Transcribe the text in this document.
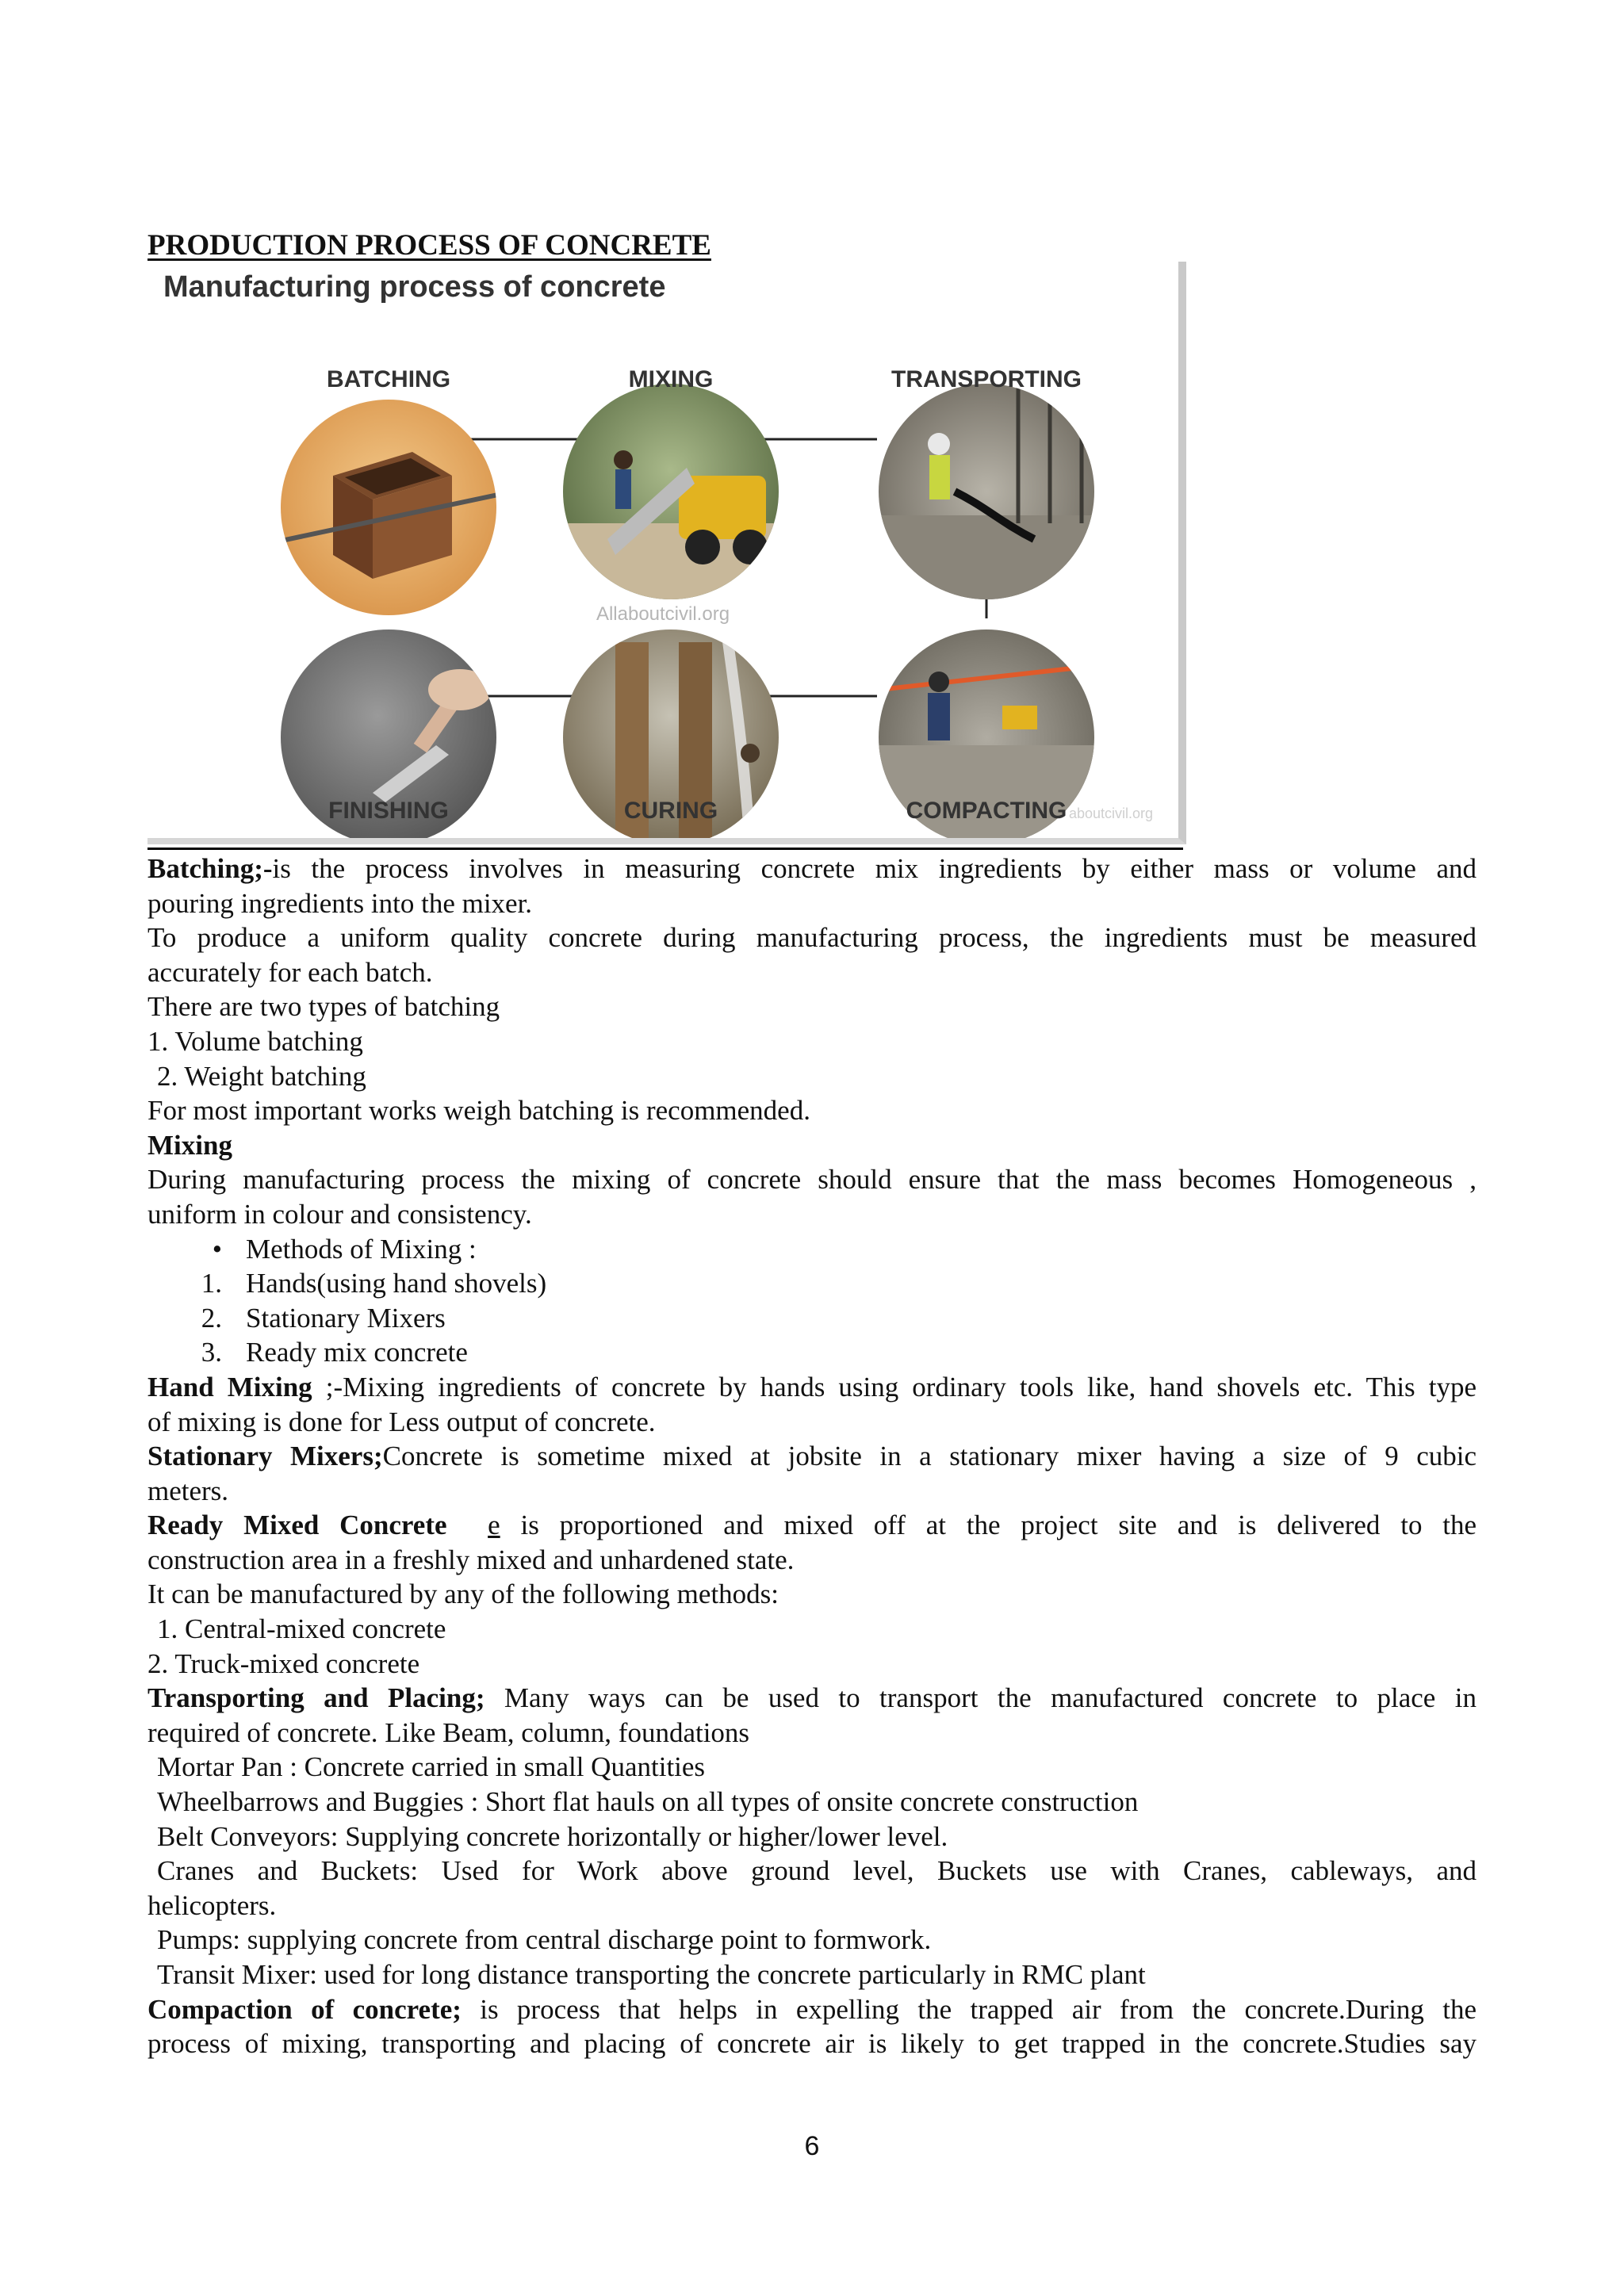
PRODUCTION PROCESS OF CONCRETE
Manufacturing process of concrete
Allaboutcivil.org
BATCHING	MIXING	TRANSPORTING
FINISHING	CURING	COMPACTING aboutcivil.org
Batching;-is the process involves in measuring concrete mix ingredients by either mass or volume and
pouring ingredients into the mixer.
To produce a uniform quality concrete during manufacturing process, the ingredients must be measured
accurately for each batch.
There are two types of batching
1. Volume batching
2. Weight batching
For most important works weigh batching is recommended.
Mixing
During manufacturing process the mixing of concrete should ensure that the mass becomes Homogeneous ,
uniform in colour and consistency.
• Methods of Mixing :
1. Hands(using hand shovels)
2. Stationary Mixers
3. Ready mix concrete
Hand Mixing ;-Mixing ingredients of concrete by hands using ordinary tools like, hand shovels etc. This type
of mixing is done for Less output of concrete.
Stationary Mixers;Concrete is sometime mixed at jobsite in a stationary mixer having a size of 9 cubic
meters.
Ready Mixed Concrete e is proportioned and mixed off at the project site and is delivered to the
construction area in a freshly mixed and unhardened state.
It can be manufactured by any of the following methods:
1. Central-mixed concrete
2. Truck-mixed concrete
Transporting and Placing; Many ways can be used to transport the manufactured concrete to place in
required of concrete. Like Beam, column, foundations
Mortar Pan : Concrete carried in small Quantities
Wheelbarrows and Buggies : Short flat hauls on all types of onsite concrete construction
Belt Conveyors: Supplying concrete horizontally or higher/lower level.
Cranes and Buckets: Used for Work above ground level, Buckets use with Cranes, cableways, and
helicopters.
Pumps: supplying concrete from central discharge point to formwork.
Transit Mixer: used for long distance transporting the concrete particularly in RMC plant
Compaction of concrete; is process that helps in expelling the trapped air from the concrete.During the
process of mixing, transporting and placing of concrete air is likely to get trapped in the concrete.Studies say
6
